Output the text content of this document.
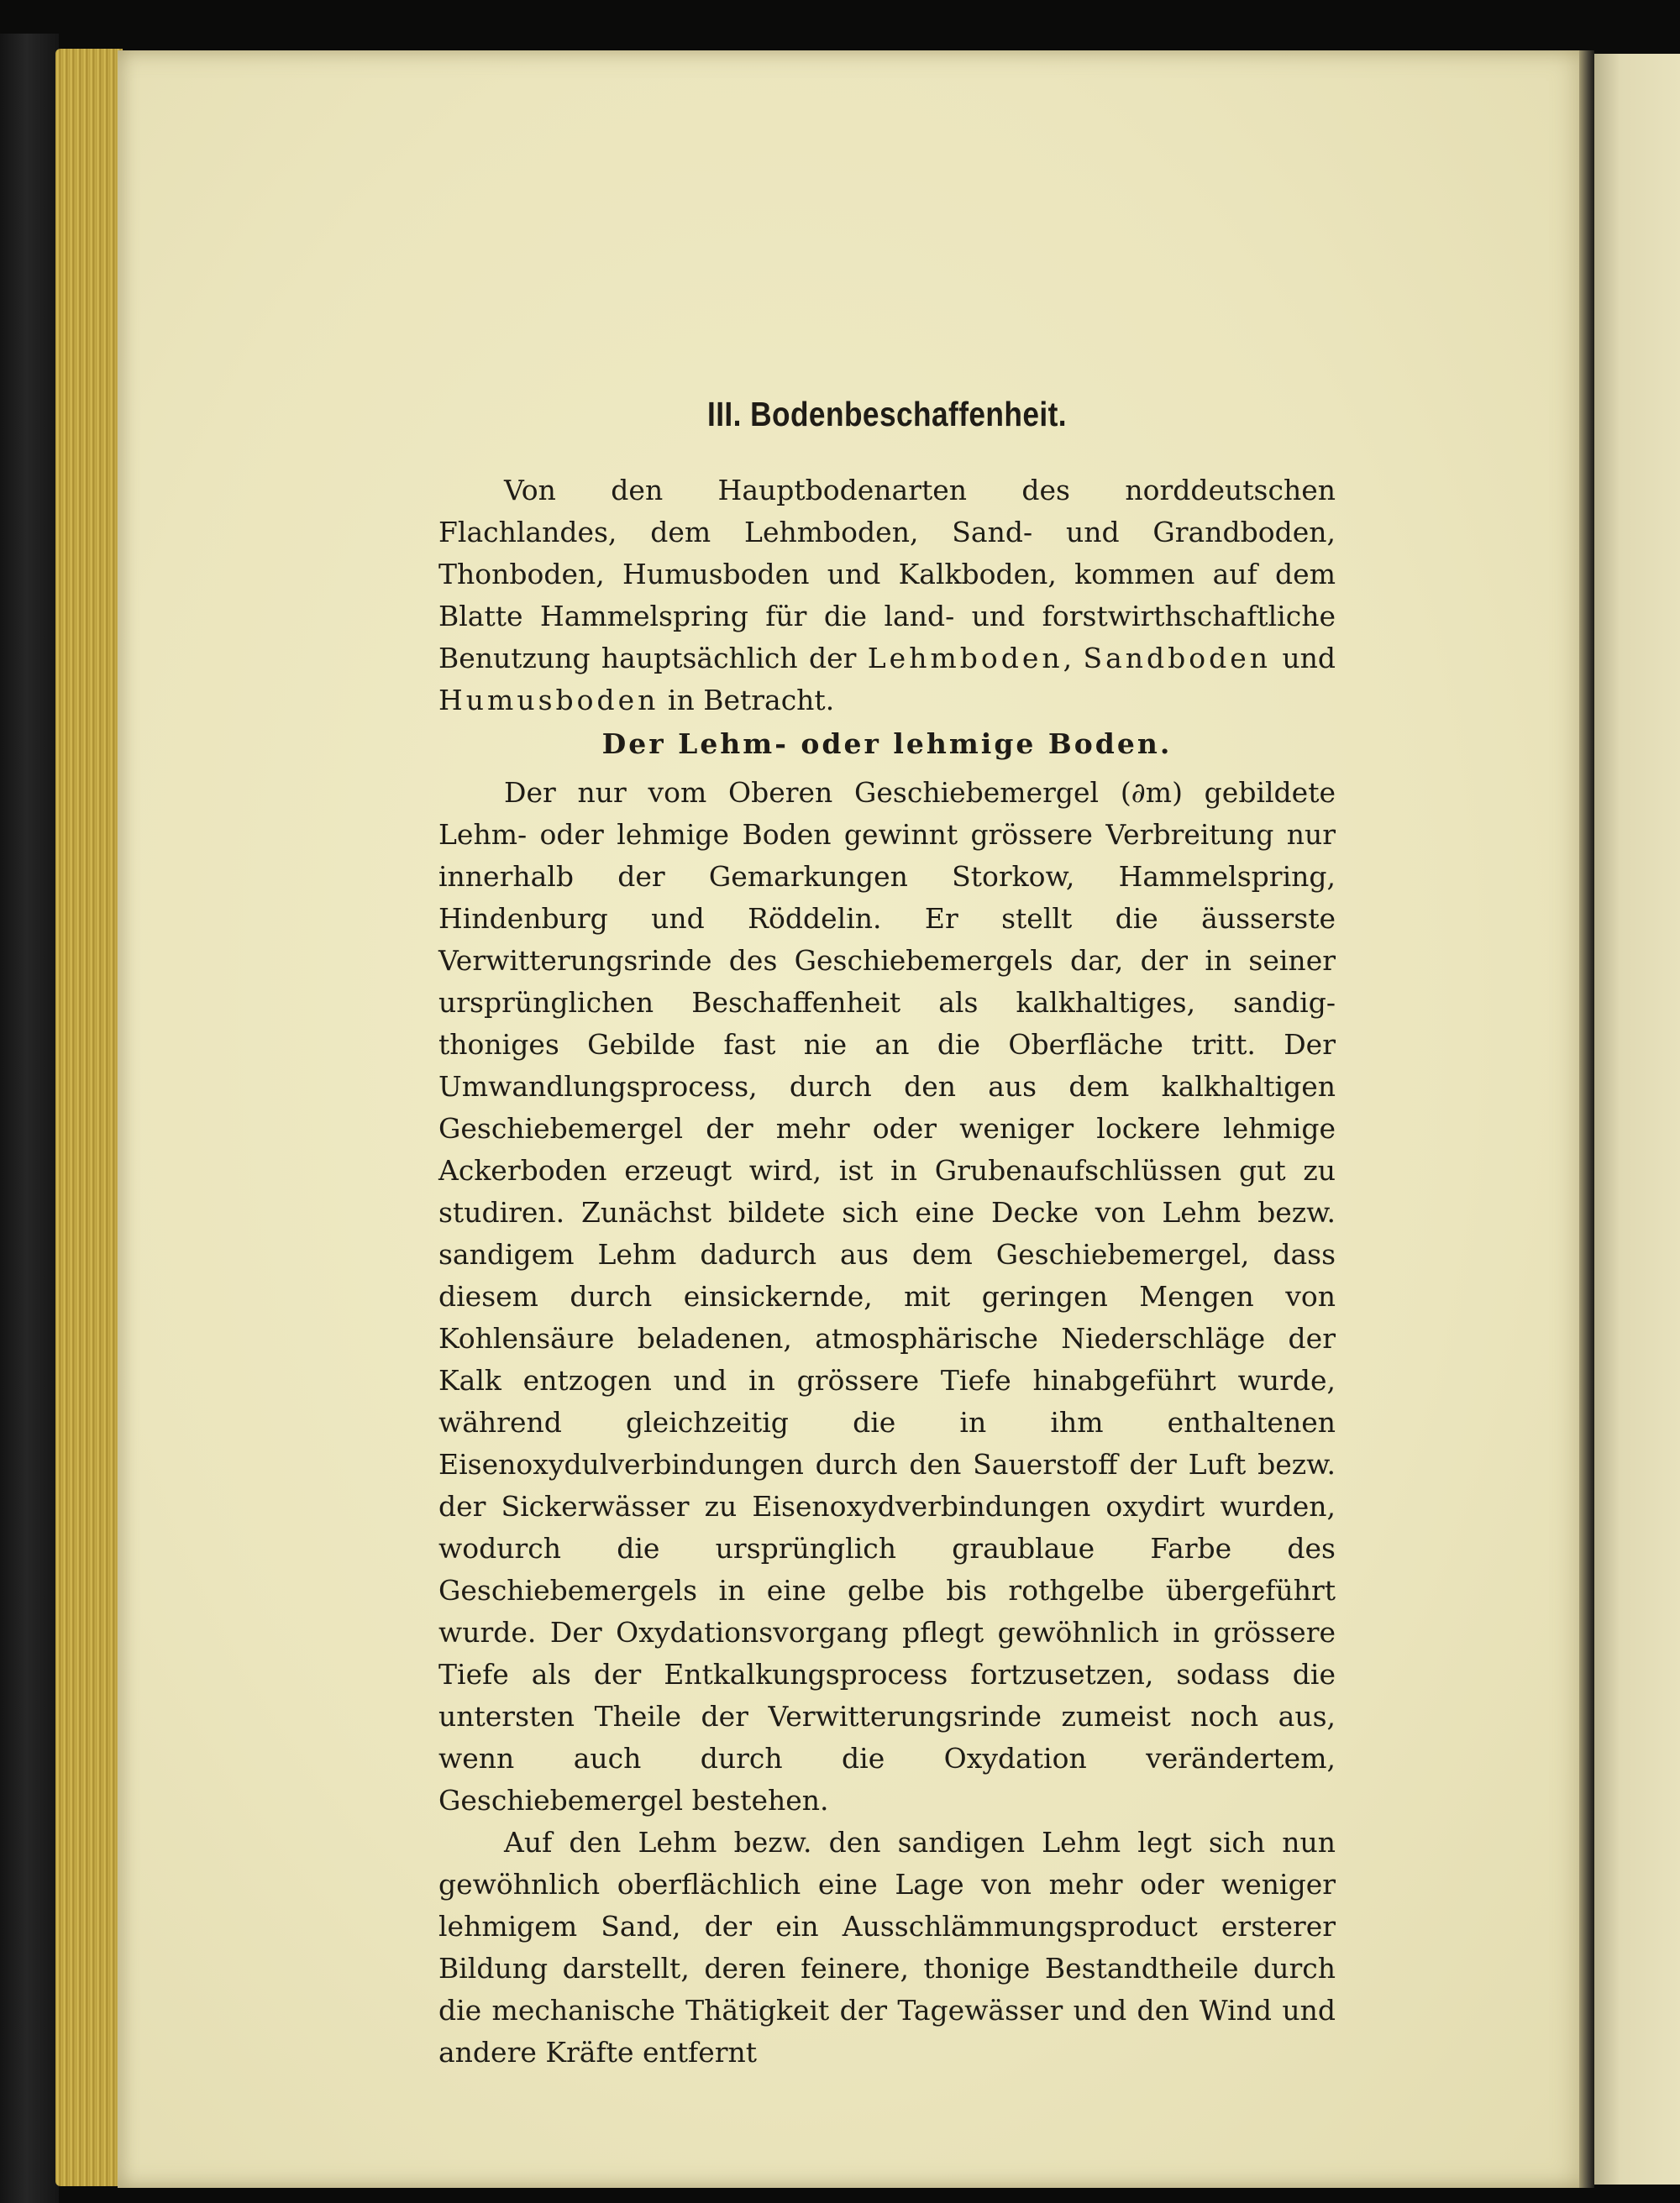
III. Bodenbeschaffenheit.

Von den Hauptbodenarten des norddeutschen Flachlandes, dem Lehmboden, Sand- und Grandboden, Thonboden, Humusboden und Kalkboden, kommen auf dem Blatte Hammelspring für die land- und forstwirthschaftliche Benutzung hauptsächlich der Lehmboden, Sandboden und Humusboden in Betracht.

Der Lehm- oder lehmige Boden.

Der nur vom Oberen Geschiebemergel (∂m) gebildete Lehm- oder lehmige Boden gewinnt grössere Verbreitung nur innerhalb der Gemarkungen Storkow, Hammelspring, Hindenburg und Röddelin. Er stellt die äusserste Verwitterungsrinde des Geschiebemergels dar, der in seiner ursprünglichen Beschaffenheit als kalkhaltiges, sandig-thoniges Gebilde fast nie an die Oberfläche tritt. Der Umwandlungsprocess, durch den aus dem kalkhaltigen Geschiebemergel der mehr oder weniger lockere lehmige Ackerboden erzeugt wird, ist in Grubenaufschlüssen gut zu studiren. Zunächst bildete sich eine Decke von Lehm bezw. sandigem Lehm dadurch aus dem Geschiebemergel, dass diesem durch einsickernde, mit geringen Mengen von Kohlensäure beladenen, atmosphärische Niederschläge der Kalk entzogen und in grössere Tiefe hinabgeführt wurde, während gleichzeitig die in ihm enthaltenen Eisenoxydulverbindungen durch den Sauerstoff der Luft bezw. der Sickerwässer zu Eisenoxydverbindungen oxydirt wurden, wodurch die ursprünglich graublaue Farbe des Geschiebemergels in eine gelbe bis rothgelbe übergeführt wurde. Der Oxydationsvorgang pflegt gewöhnlich in grössere Tiefe als der Entkalkungsprocess fortzusetzen, sodass die untersten Theile der Verwitterungsrinde zumeist noch aus, wenn auch durch die Oxydation verändertem, Geschiebemergel bestehen.

Auf den Lehm bezw. den sandigen Lehm legt sich nun gewöhnlich oberflächlich eine Lage von mehr oder weniger lehmigem Sand, der ein Ausschlämmungsproduct ersterer Bildung darstellt, deren feinere, thonige Bestandtheile durch die mechanische Thätigkeit der Tagewässer und den Wind und andere Kräfte entfernt
